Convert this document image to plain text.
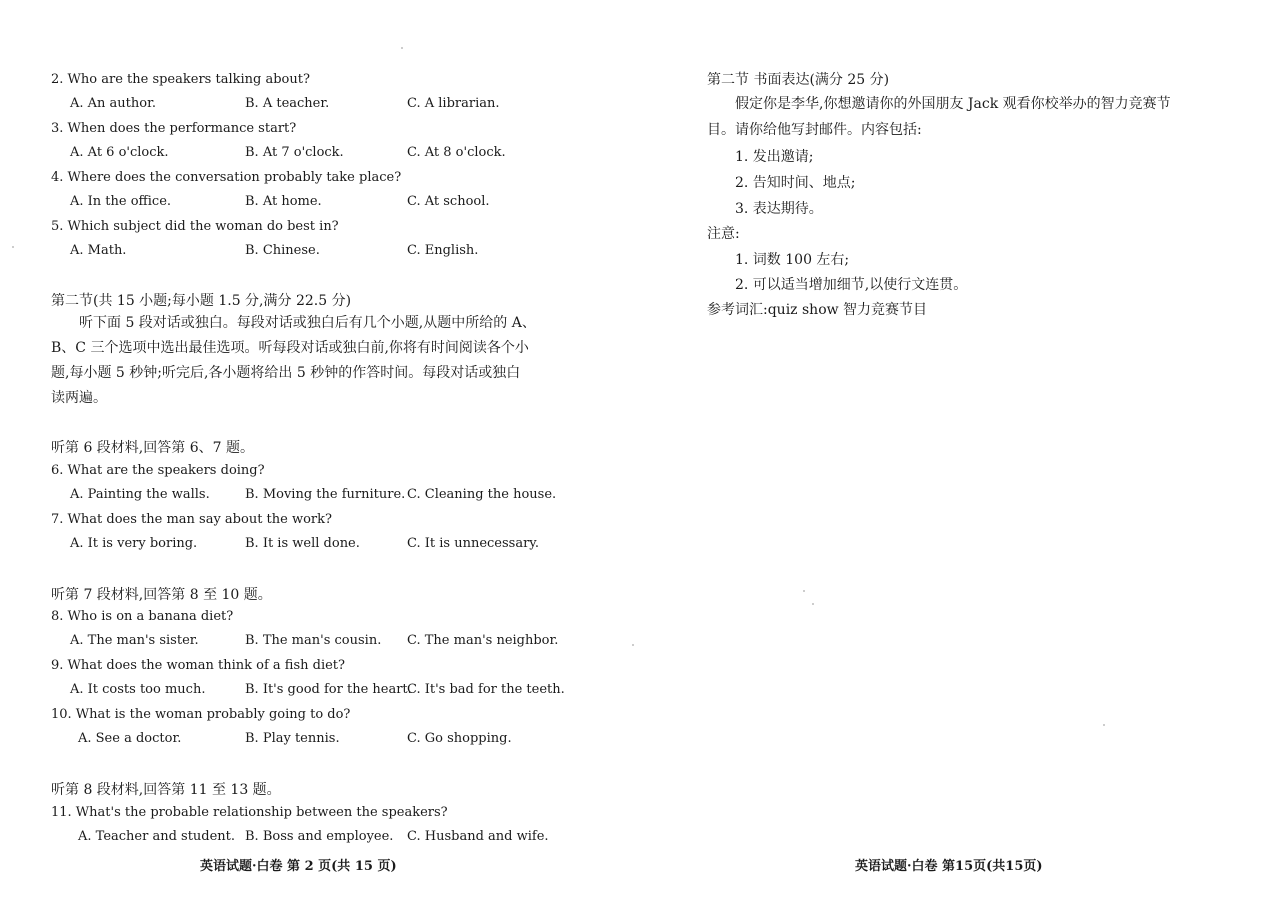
2. Who are the speakers talking about?
A. An author.	B. A teacher.	C. A librarian.
3. When does the performance start?
A. At 6 o'clock.	B. At 7 o'clock.	C. At 8 o'clock.
4. Where does the conversation probably take place?
A. In the office.	B. At home.	C. At school.
5. Which subject did the woman do best in?
A. Math.	B. Chinese.	C. English.
第二节(共 15 小题;每小题 1.5 分,满分 22.5 分)
听下面 5 段对话或独白。每段对话或独白后有几个小题,从题中所给的 A、
B、C 三个选项中选出最佳选项。听每段对话或独白前,你将有时间阅读各个小
题,每小题 5 秒钟;听完后,各小题将给出 5 秒钟的作答时间。每段对话或独白
读两遍。
听第 6 段材料,回答第 6、7 题。
6. What are the speakers doing?
A. Painting the walls.	B. Moving the furniture. C. Cleaning the house.
7. What does the man say about the work?
A. It is very boring.	B. It is well done.	C. It is unnecessary.
听第 7 段材料,回答第 8 至 10 题。
8. Who is on a banana diet?
A. The man's sister.	B. The man's cousin. C. The man's neighbor.
9. What does the woman think of a fish diet?
A. It costs too much.	B. It's good for the heart.
C. It's bad for the teeth.
10. What is the woman probably going to do?
A. See a doctor.	B. Play tennis.	C. Go shopping.
听第 8 段材料,回答第 11 至 13 题。
11. What's the probable relationship between the speakers?
A. Teacher and student. B. Boss and employee. C. Husband and wife.
英语试题·白卷 第 2 页(共 15 页)
第二节 书面表达(满分 25 分)
假定你是李华,你想邀请你的外国朋友 Jack 观看你校举办的智力竞赛节
目。请你给他写封邮件。内容包括:
1. 发出邀请;
2. 告知时间、地点;
3. 表达期待。
注意:
1. 词数 100 左右;
2. 可以适当增加细节,以使行文连贯。
参考词汇:quiz show 智力竞赛节目
英语试题·白卷 第15页(共15页)
